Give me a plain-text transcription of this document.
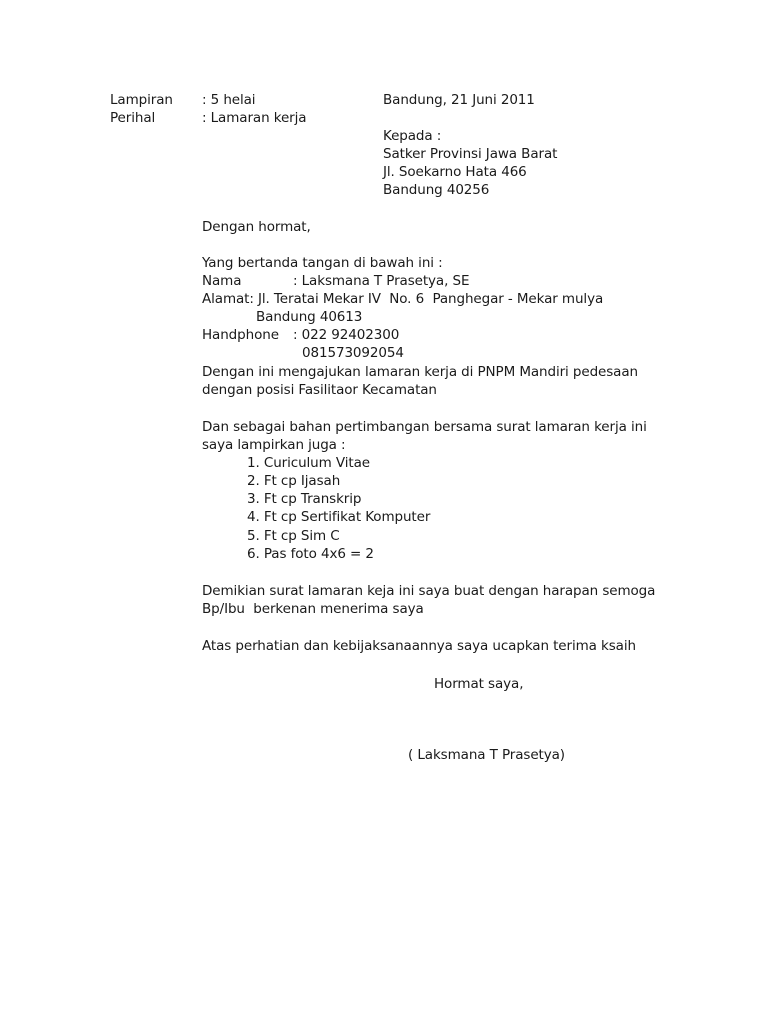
Lampiran : 5 helai	Bandung, 21 Juni 2011
Perihal	: Lamaran kerja
Kepada :
Satker Provinsi Jawa Barat
Jl. Soekarno Hata 466
Bandung 40256
Dengan hormat,
Yang bertanda tangan di bawah ini :
Nama	: Laksmana T Prasetya, SE
Alamat: Jl. Teratai Mekar IV  No. 6  Panghegar - Mekar mulya
Bandung 40613
Handphone : 022 92402300
081573092054
Dengan ini mengajukan lamaran kerja di PNPM Mandiri pedesaan
dengan posisi Fasilitaor Kecamatan
Dan sebagai bahan pertimbangan bersama surat lamaran kerja ini
saya lampirkan juga :
1. Curiculum Vitae
2. Ft cp Ijasah
3. Ft cp Transkrip
4. Ft cp Sertifikat Komputer
5. Ft cp Sim C
6. Pas foto 4x6 = 2
Demikian surat lamaran keja ini saya buat dengan harapan semoga
Bp/Ibu  berkenan menerima saya
Atas perhatian dan kebijaksanaannya saya ucapkan terima ksaih
Hormat saya,
( Laksmana T Prasetya)
